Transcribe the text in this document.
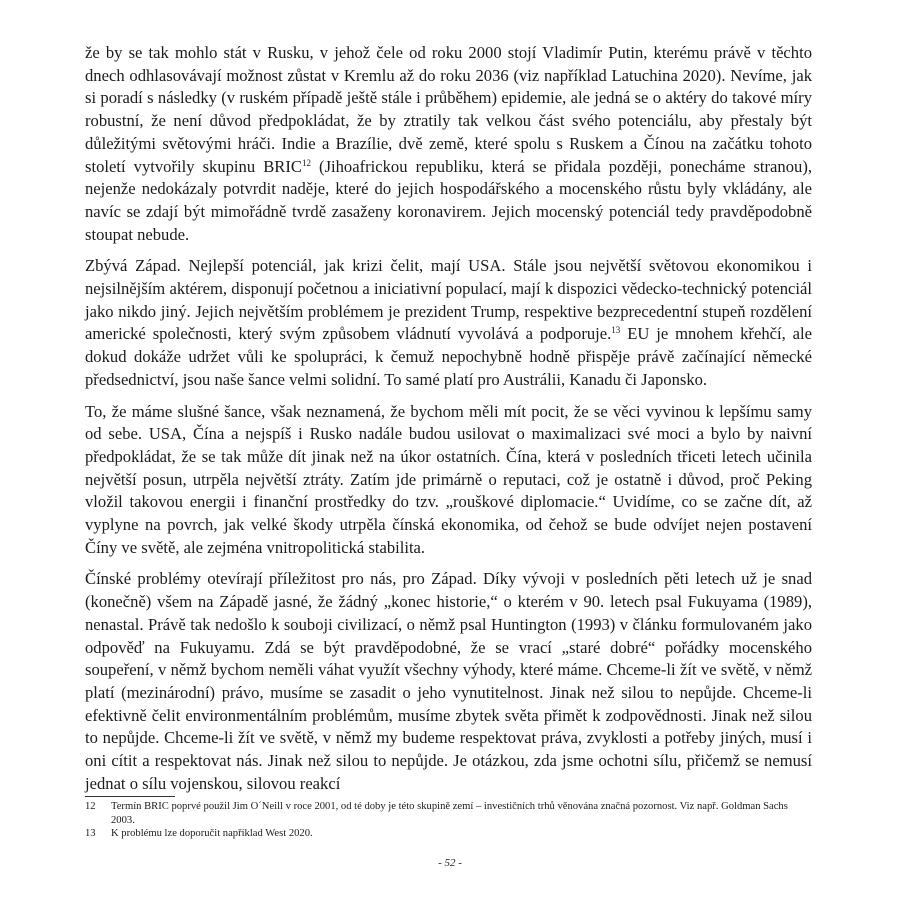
že by se tak mohlo stát v Rusku, v jehož čele od roku 2000 stojí Vladimír Putin, kterému právě v těchto dnech odhlasovávají možnost zůstat v Kremlu až do roku 2036 (viz například Latuchina 2020). Nevíme, jak si poradí s následky (v ruském případě ještě stále i průběhem) epidemie, ale jedná se o aktéry do takové míry robustní, že není důvod předpokládat, že by ztratily tak velkou část svého potenciálu, aby přestaly být důležitými světovými hráči. Indie a Brazílie, dvě země, které spolu s Ruskem a Čínou na začátku tohoto století vytvořily skupinu BRIC$^{12}$ (Jihoafrickou republiku, která se přidala později, ponecháme stranou), nejenže nedokázaly potvrdit naděje, které do jejich hospodářského a mocenského růstu byly vkládány, ale navíc se zdají být mimořádně tvrdě zasaženy koronavirem. Jejich mocenský potenciál tedy pravděpodobně stoupat nebude.

Zbývá Západ. Nejlepší potenciál, jak krizi čelit, mají USA. Stále jsou největší světovou ekonomikou i nejsilnějším aktérem, disponují početnou a iniciativní populací, mají k dispozici vědecko-technický potenciál jako nikdo jiný. Jejich největším problémem je prezident Trump, respektive bezprecedentní stupeň rozdělení americké společnosti, který svým způsobem vládnutí vyvolává a podporuje.$^{13}$ EU je mnohem křehčí, ale dokud dokáže udržet vůli ke spolupráci, k čemuž nepochybně hodně přispěje právě začínající německé předsednictví, jsou naše šance velmi solidní. To samé platí pro Austrálii, Kanadu či Japonsko.

To, že máme slušné šance, však neznamená, že bychom měli mít pocit, že se věci vyvinou k lepšímu samy od sebe. USA, Čína a nejspíš i Rusko nadále budou usilovat o maximalizaci své moci a bylo by naivní předpokládat, že se tak může dít jinak než na úkor ostatních. Čína, která v posledních třiceti letech učinila největší posun, utrpěla největší ztráty. Zatím jde primárně o reputaci, což je ostatně i důvod, proč Peking vložil takovou energii i finanční prostředky do tzv. „rouškové diplomacie.“ Uvidíme, co se začne dít, až vyplyne na povrch, jak velké škody utrpěla čínská ekonomika, od čehož se bude odvíjet nejen postavení Číny ve světě, ale zejména vnitropolitická stabilita.

Čínské problémy otevírají příležitost pro nás, pro Západ. Díky vývoji v posledních pěti letech už je snad (konečně) všem na Západě jasné, že žádný „konec historie,“ o kterém v 90. letech psal Fukuyama (1989), nenastal. Právě tak nedošlo k souboji civilizací, o němž psal Huntington (1993) v článku formulovaném jako odpověď na Fukuyamu. Zdá se být pravděpodobné, že se vrací „staré dobré“ pořádky mocenského soupeření, v němž bychom neměli váhat využít všechny výhody, které máme. Chceme-li žít ve světě, v němž platí (mezinárodní) právo, musíme se zasadit o jeho vynutitelnost. Jinak než silou to nepůjde. Chceme-li efektivně čelit environmentálním problémům, musíme zbytek světa přimět k zodpovědnosti. Jinak než silou to nepůjde. Chceme-li žít ve světě, v němž my budeme respektovat práva, zvyklosti a potřeby jiných, musí i oni cítit a respektovat nás. Jinak než silou to nepůjde. Je otázkou, zda jsme ochotni sílu, přičemž se nemusí jednat o sílu vojenskou, silovou reakcí

12	Termín BRIC poprvé použil Jim O´Neill v roce 2001, od té doby je této skupině zemí – investičních trhů věnována značná pozornost. Viz např. Goldman Sachs 2003.
13	K problému lze doporučit například West 2020.
- 52 -
